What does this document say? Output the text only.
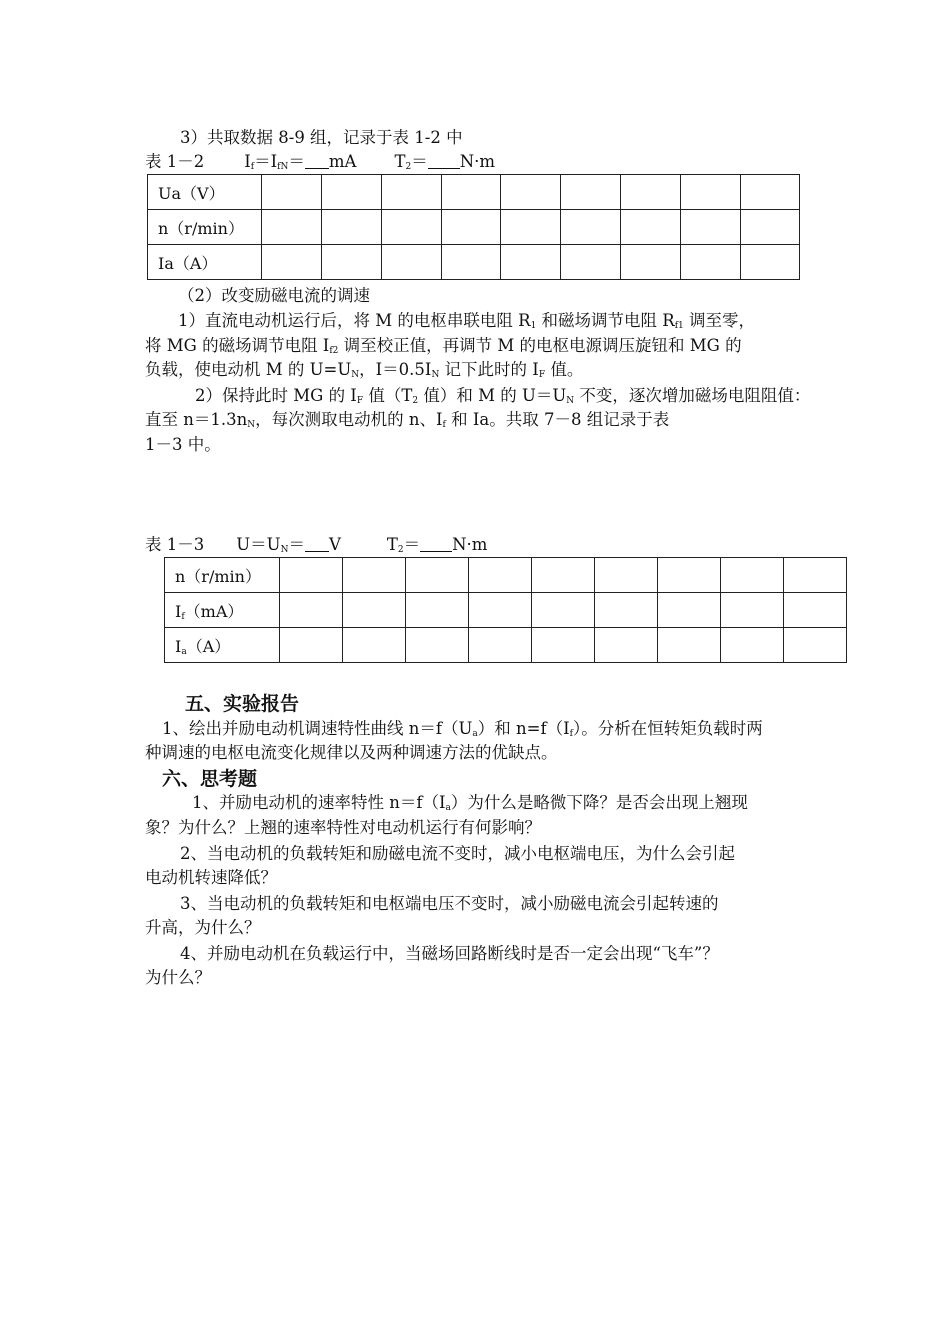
3）共取数据 8-9 组，记录于表 1-2 中
表 1－2 $I_f=I_{fN}=$ mA $T_2= N\cdot m$
Ua（V）									
n（r/min）									
Ia（A）									
（2）改变励磁电流的调速
1）直流电动机运行后，将 M 的电枢串联电阻 $R_1$ 和磁场调节电阻 $R_{f1}$ 调至零，
将 MG 的磁场调节电阻 $I_{f2}$ 调至校正值，再调节 M 的电枢电源调压旋钮和 MG 的
负载，使电动机 M 的 $U=U_N$，$I=0.5I_N$ 记下此时的 $I_F$ 值。
2）保持此时 MG 的 $I_F$ 值（$T_2$ 值）和 M 的 $U=U_N$ 不变，逐次增加磁场电阻阻值：
直至 $n=1.3n_N$，每次测取电动机的 n、$I_f$ 和 Ia。共取 7－8 组记录于表
1－3 中。
表 1－3 $U=U_N= V$	$T_2= N\cdot m$
n（r/min）									
$I_f(mA)$									
$I_a(A)$									
五、实验报告
1、绘出并励电动机调速特性曲线 $n=f(U_a)$和 $n=f(I_f)$。分析在恒转矩负载时两
种调速的电枢电流变化规律以及两种调速方法的优缺点。
六、思考题
1、并励电动机的速率特性 $n=f(I_a)$为什么是略微下降？是否会出现上翘现
象？为什么？上翘的速率特性对电动机运行有何影响？
2、当电动机的负载转矩和励磁电流不变时，减小电枢端电压，为什么会引起
电动机转速降低？
3、当电动机的负载转矩和电枢端电压不变时，减小励磁电流会引起转速的
升高，为什么？
4、并励电动机在负载运行中，当磁场回路断线时是否一定会出现“飞车”？
为什么？
